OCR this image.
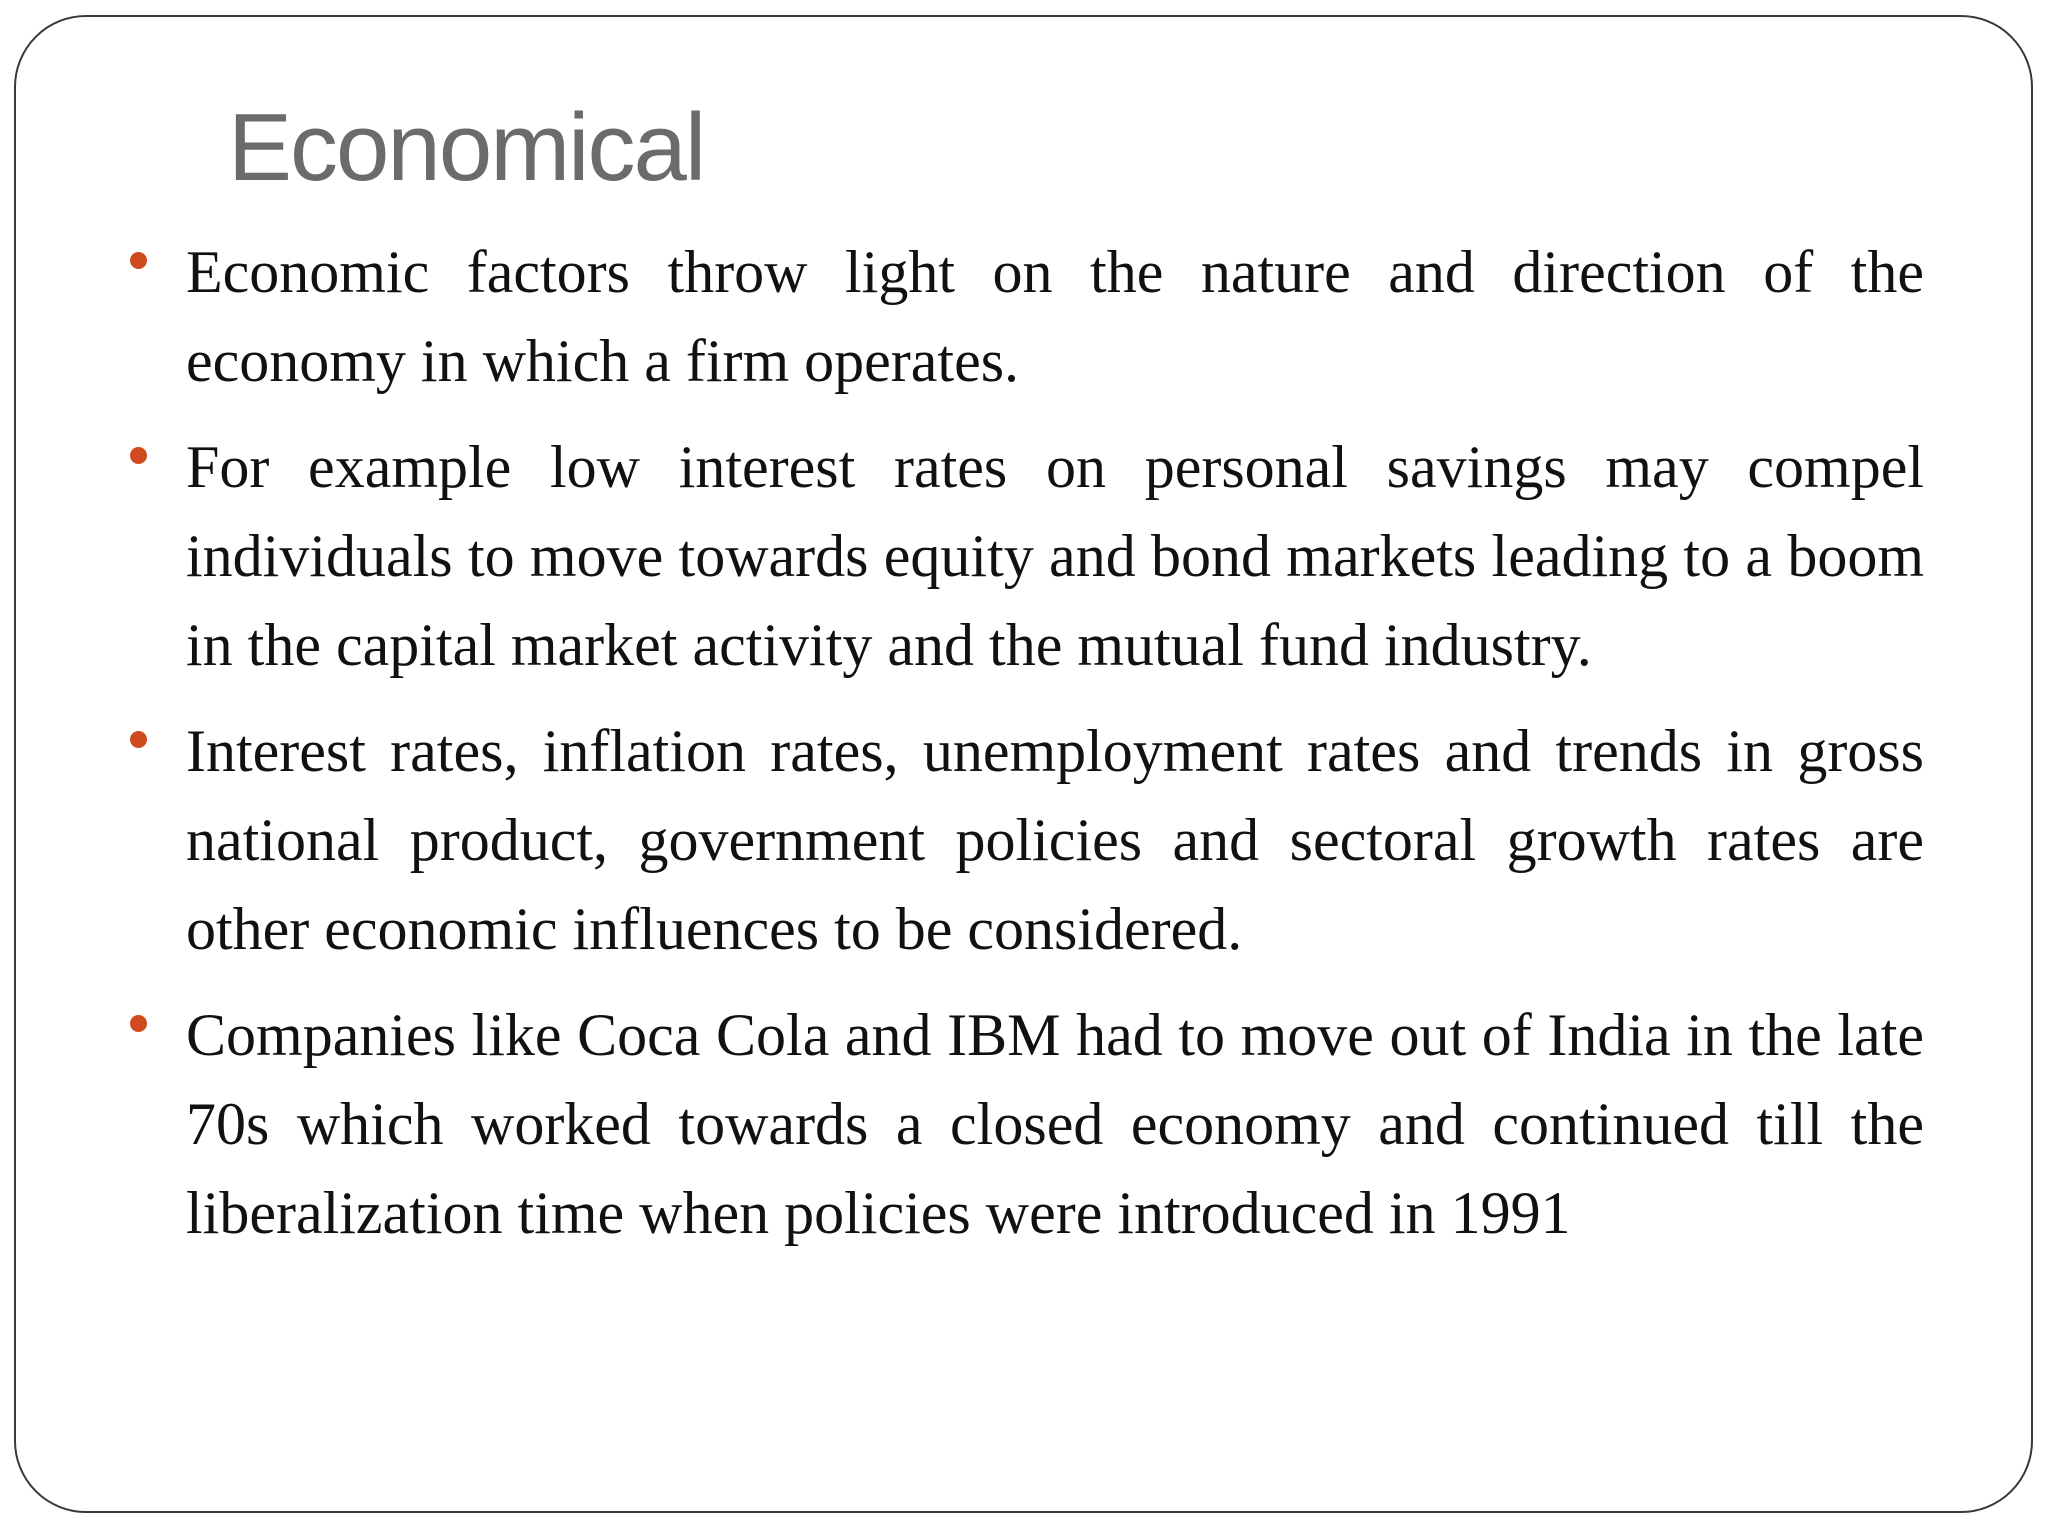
Economical
Economic factors throw light on the nature and direction of the economy in which a firm operates.
For example low interest rates on personal savings may compel individuals to move towards equity and bond markets leading to a boom in the capital market activity and the mutual fund industry.
Interest rates, inflation rates, unemployment rates and trends in gross national product, government policies and sectoral growth rates are other economic influences to be considered.
Companies like Coca Cola and IBM had to move out of India in the late 70s which worked towards a closed economy and continued till the liberalization time when policies were introduced in 1991
